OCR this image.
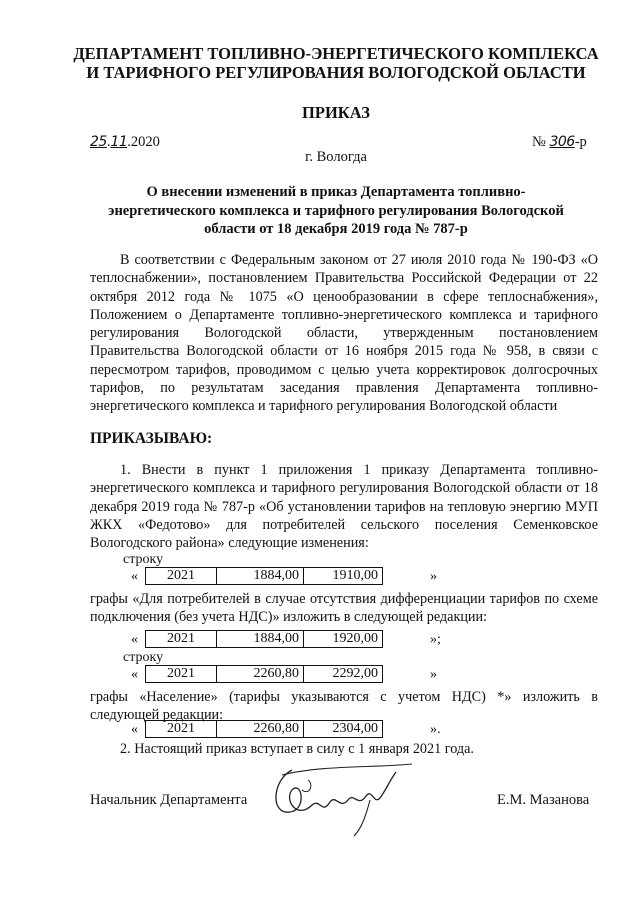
ДЕПАРТАМЕНТ ТОПЛИВНО-ЭНЕРГЕТИЧЕСКОГО КОМПЛЕКСА
И ТАРИФНОГО РЕГУЛИРОВАНИЯ ВОЛОГОДСКОЙ ОБЛАСТИ
ПРИКАЗ
25.11.2020	№ 306-р
г. Вологда
О внесении изменений в приказ Департамента топливно-
энергетического комплекса и тарифного регулирования Вологодской
области от 18 декабря 2019 года № 787-р
В соответствии с Федеральным законом от 27 июля 2010 года № 190-ФЗ «О теплоснабжении», постановлением Правительства Российской Федерации от 22 октября 2012 года № 1075 «О ценообразовании в сфере теплоснабжения», Положением о Департаменте топливно-энергетического комплекса и тарифного регулирования Вологодской области, утвержденным постановлением Правительства Вологодской области от 16 ноября 2015 года № 958, в связи с пересмотром тарифов, проводимом с целью учета корректировок долгосрочных тарифов, по результатам заседания правления Департамента топливно-энергетического комплекса и тарифного регулирования Вологодской области
ПРИКАЗЫВАЮ:
1. Внести в пункт 1 приложения 1 приказу Департамента топливно-энергетического комплекса и тарифного регулирования Вологодской области от 18 декабря 2019 года № 787-р «Об установлении тарифов на тепловую энергию МУП ЖКХ «Федотово» для потребителей сельского поселения Семенковское Вологодского района» следующие изменения:
строку
« 2021	1884,00	1910,00	»
графы «Для потребителей в случае отсутствия дифференциации тарифов по схеме подключения (без учета НДС)» изложить в следующей редакции:
« 2021	1884,00	1920,00	»;
строку
« 2021	2260,80	2292,00	»
графы «Население» (тарифы указываются с учетом НДС) *» изложить в следующей редакции:
« 2021	2260,80	2304,00	».
2. Настоящий приказ вступает в силу с 1 января 2021 года.
Начальник Департамента	Е.М. Мазанова
